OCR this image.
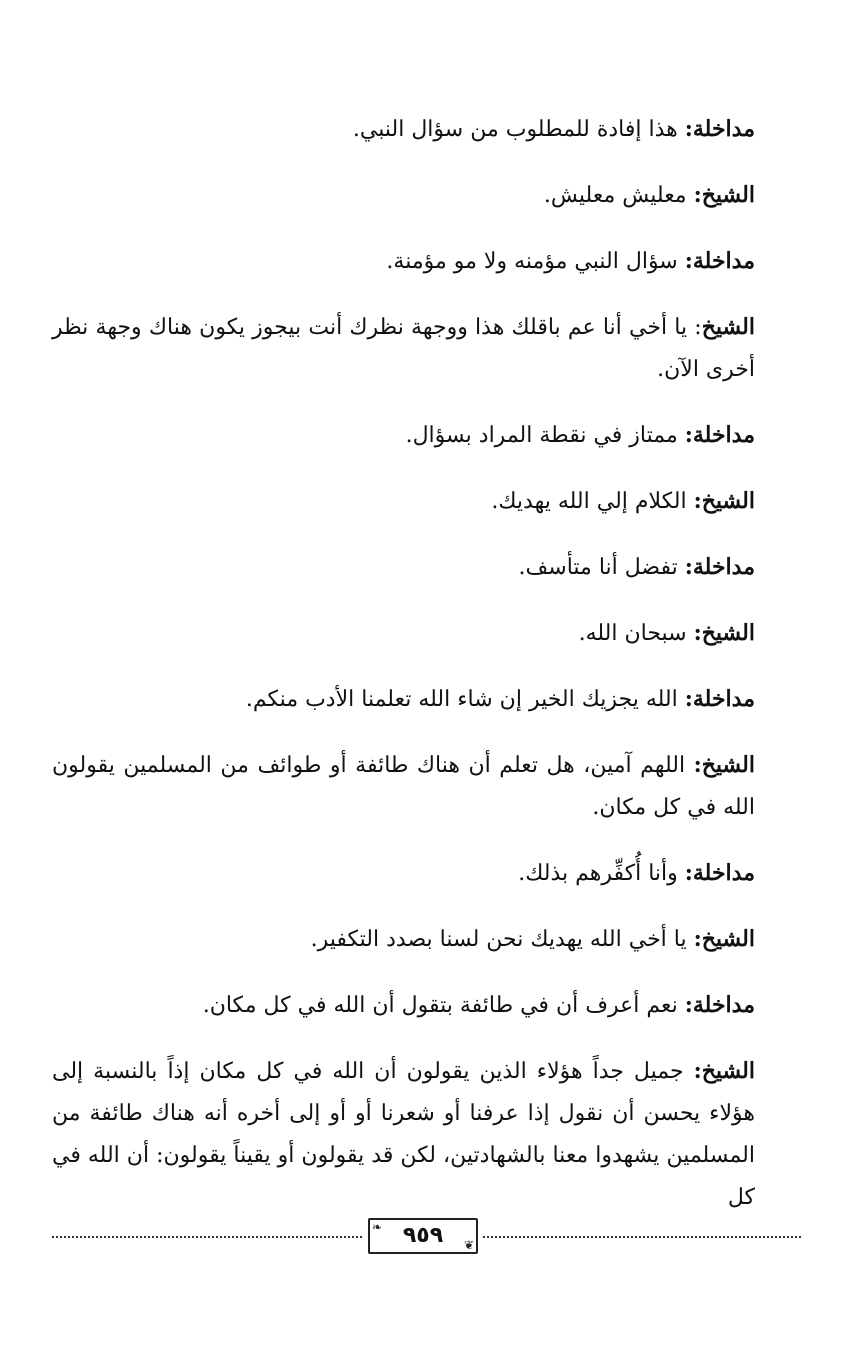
مداخلة: هذا إفادة للمطلوب من سؤال النبي.

الشيخ: معليش معليش.

مداخلة: سؤال النبي مؤمنه ولا مو مؤمنة.

الشيخ: يا أخي أنا عم باقلك هذا ووجهة نظرك أنت بيجوز يكون هناك وجهة نظر أخرى الآن.

مداخلة: ممتاز في نقطة المراد بسؤال.

الشيخ: الكلام إلي الله يهديك.

مداخلة: تفضل أنا متأسف.

الشيخ: سبحان الله.

مداخلة: الله يجزيك الخير إن شاء الله تعلمنا الأدب منكم.

الشيخ: اللهم آمين، هل تعلم أن هناك طائفة أو طوائف من المسلمين يقولون الله في كل مكان.

مداخلة: وأنا أُكفِّرهم بذلك.

الشيخ: يا أخي الله يهديك نحن لسنا بصدد التكفير.

مداخلة: نعم أعرف أن في طائفة بتقول أن الله في كل مكان.

الشيخ: جميل جداً هؤلاء الذين يقولون أن الله في كل مكان إذاً بالنسبة إلى هؤلاء يحسن أن نقول إذا عرفنا أو شعرنا أو أو إلى أخره أنه هناك طائفة من المسلمين يشهدوا معنا بالشهادتين، لكن قد يقولون أو يقيناً يقولون: أن الله في كل

❧ ٩٥٩ ❦
